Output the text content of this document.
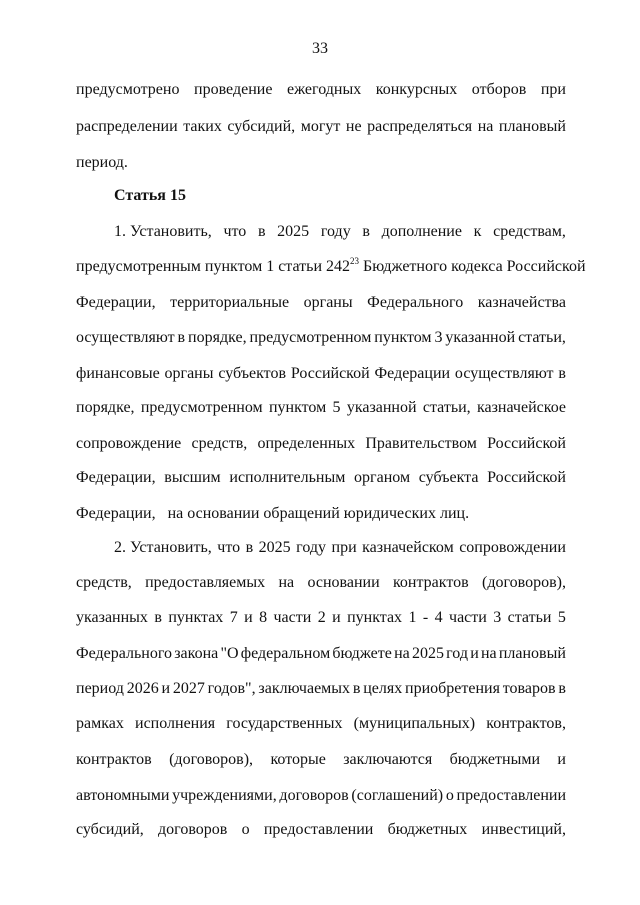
33
предусмотрено проведение ежегодных конкурсных отборов при
распределении таких субсидий, могут не распределяться на плановый
период.
Статья 15
1. Установить, что в 2025 году в дополнение к средствам,
предусмотренным пунктом 1 статьи $242^{23}$ Бюджетного кодекса Российской
Федерации, территориальные органы Федерального казначейства
осуществляют в порядке, предусмотренном пунктом 3 указанной статьи,
финансовые органы субъектов Российской Федерации осуществляют в
порядке, предусмотренном пунктом 5 указанной статьи, казначейское
сопровождение средств, определенных Правительством Российской
Федерации, высшим исполнительным органом субъекта Российской
Федерации,   на основании обращений юридических лиц.
2. Установить, что в 2025 году при казначейском сопровождении
средств, предоставляемых на основании контрактов (договоров),
указанных в пунктах 7 и 8 части 2 и пунктах 1 - 4 части 3 статьи 5
Федерального закона "О федеральном бюджете на 2025 год и на плановый
период 2026 и 2027 годов", заключаемых в целях приобретения товаров в
рамках исполнения государственных (муниципальных) контрактов,
контрактов (договоров), которые заключаются бюджетными и
автономными учреждениями, договоров (соглашений) о предоставлении
субсидий, договоров о предоставлении бюджетных инвестиций,
